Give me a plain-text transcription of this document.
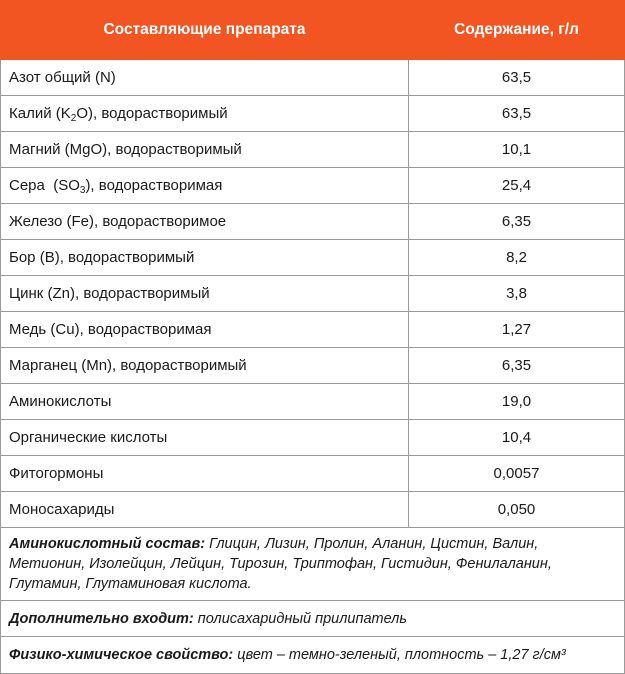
Составляющие препарата	Содержание, г/л
Азот общий (N)	63,5
Калий $(K_2O)$, водорастворимый	63,5
Магний (MgO), водорастворимый	10,1
Сера  $(SO_3)$, водорастворимая	25,4
Железо (Fe), водорастворимое	6,35
Бор (B), водорастворимый	8,2
Цинк (Zn), водорастворимый	3,8
Медь (Cu), водорастворимая	1,27
Марганец (Mn), водорастворимый	6,35
Аминокислоты	19,0
Органические кислоты	10,4
Фитогормоны	0,0057
Моносахариды	0,050
Аминокислотный состав: Глицин, Лизин, Пролин, Аланин, Цистин, Валин, Метионин, Изолейцин, Лейцин, Тирозин, Триптофан, Гистидин, Фенилаланин, Глутамин, Глутаминовая кислота.	
Дополнительно входит: полисахаридный прилипатель	
Физико-химическое свойство: цвет – темно-зеленый, плотность – 1,27 г/см³	
